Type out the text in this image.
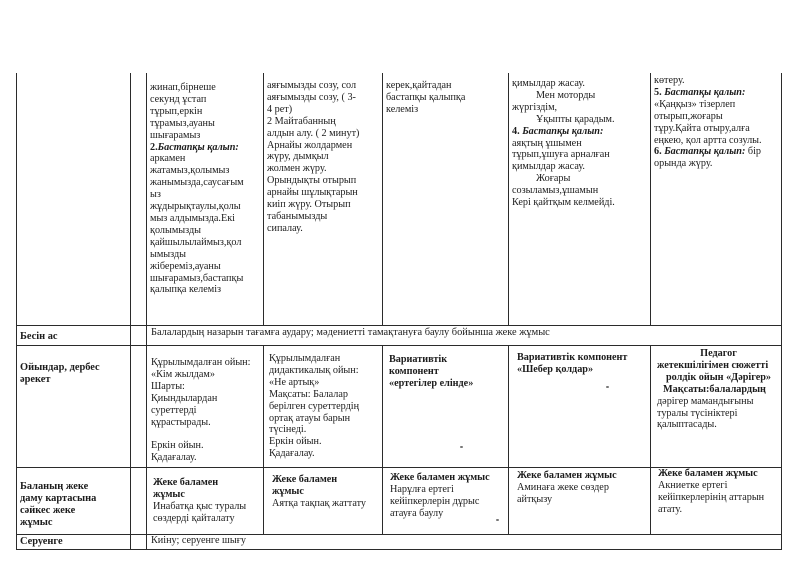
жинап,бірнеше
секунд ұстап
тұрып,еркін
тұрамыз,ауаны
шығарамыз
2.Бастапқы қалып:
аркамен
жатамыз,қолымыз
жанымызда,саусағым
ыз
жұдырықтаулы,қолы
мыз алдымызда.Екі
қолымызды
қайшылылаймыз,қол
ымызды
жібереміз,ауаны
шығарамыз,бастапқы
қалыпқа келеміз
аяғымызды созу, сол
аяғымызды созу, ( 3-
4 рет)
2 Майтабанның
алдын алу. ( 2 минут)
Арнайы жолдармен
жүру, дымқыл
жолмен жүру.
Орындықты отырып
арнайы шұлықтарын
киіп жүру. Отырып
табанымызды
сипалау.
керек,қайтадан
бастапқы қалыпқа
келеміз
қимылдар жасау.
Мен моторды
жүргіздім,
Ұқыпты қарадым.
4. Бастапқы қалып:
аяқтың ұшымен
тұрып,ұшуға арналған
қимылдар жасау.
Жоғары
созыламыз,ұшамын
Кері қайтқым келмейді.
көтеру.
5. Бастапқы қалып:
«Қаңқыз» тізерлеп
отырып,жоғары
тұру.Қайта отыру,алға
еңкею, қол артта созулы.
6. Бастапқы қалып: бір
орында жүру.
Бесін ас	Балалардың назарын тағамға аудару; мәдениетті тамақтануға баулу бойынша жеке жұмыс
Ойындар, дербес
әрекет
Құрылымдалған ойын:
«Кім жылдам»
Шарты:
Қиындылардан
суреттерді
құрастырады.
Еркін ойын.
Қадағалау.
Құрылымдалған
дидактикалық ойын:
«Не артық»
Мақсаты: Балалар
берілген суреттердің
ортақ атауы барын
түсінеді.
Еркін ойын.
Қадағалау.
Вариативтік
компонент
«ертегілер елінде»
Вариативтік компонент
«Шебер қолдар»
Педагог
жетекшілігімен сюжетті
ролдік ойын «Дәрігер»
Мақсаты:балалардың
дәрігер мамандығыны
туралы түсініктері
қалыптасады.
Баланың жеке
даму картасына
сәйкес жеке
жұмыс
Жеке баламен
жұмыс
Инабатқа қыс туралы сөздерді қайталату
Жеке баламен
жұмыс
Аятқа тақпақ жаттату
Жеке баламен жұмыс
Нарұлға ертегі
кейіпкерлерін дұрыс
атауға баулу
Жеке баламен жұмыс
Аминаға жеке сөздер
айтқызу
Жеке баламен жұмыс
Акниетке ертегі
кейіпкерлерінің аттарын
атату.
Серуенге	Киіну; серуенге шығу
